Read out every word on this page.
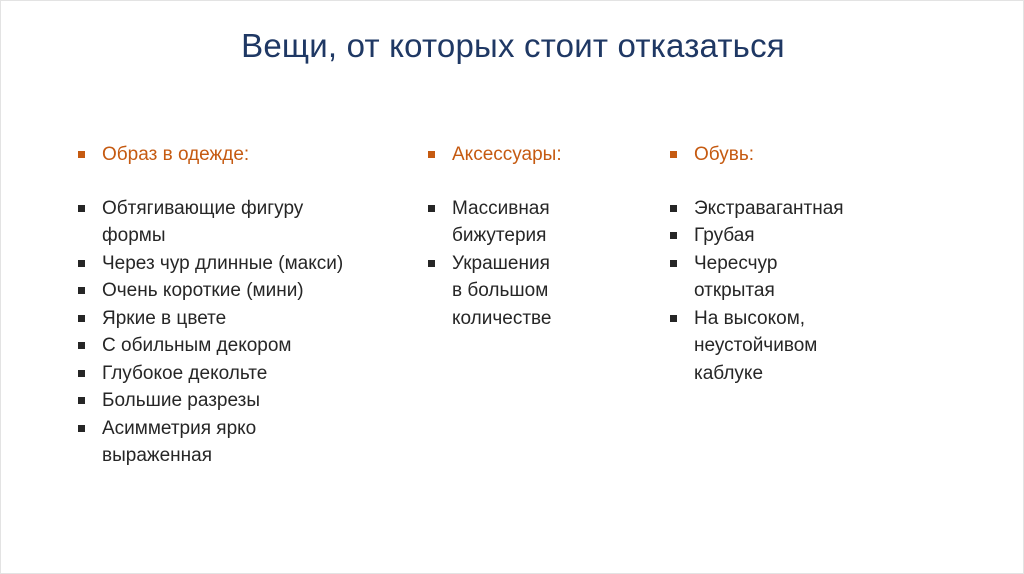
Вещи, от которых стоит отказаться
Образ в одежде:
Обтягивающие фигуру
формы
Через чур длинные (макси)
Очень короткие (мини)
Яркие в цвете
С обильным декором
Глубокое декольте
Большие разрезы
Асимметрия ярко
выраженная
Аксессуары:
Массивная
бижутерия
Украшения
в большом
количестве
Обувь:
Экстравагантная
Грубая
Чересчур
открытая
На высоком,
неустойчивом
каблуке
